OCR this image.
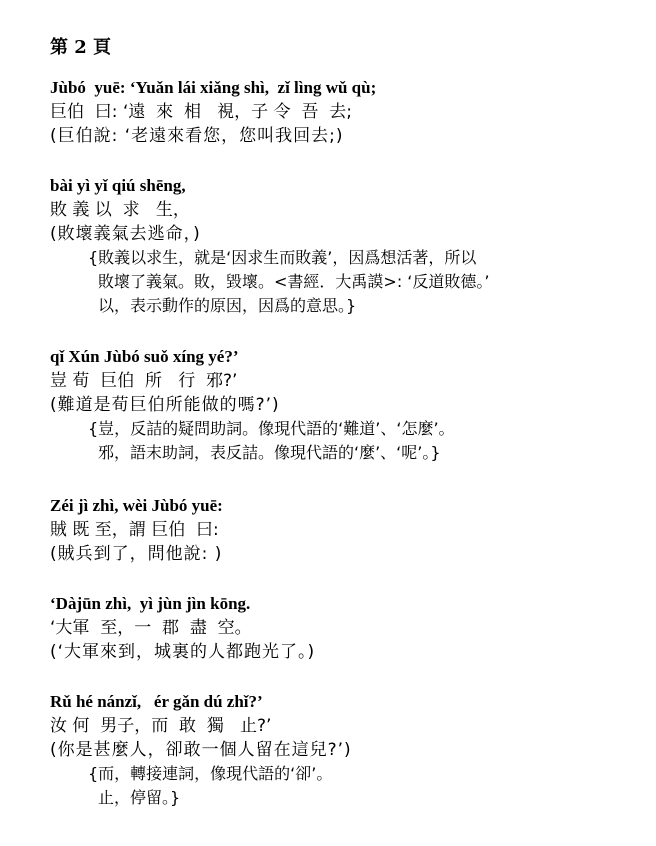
第 2 頁
Jùbó  yuē: ‘Yuǎn lái xiǎng shì,  zǐ lìng wǔ qù;
巨伯  曰: ‘遠  來  相   視，子 令  吾  去;
(巨伯說: ‘老遠來看您，您叫我回去;)
bài yì yǐ qiú shēng,
敗 義 以  求   生，
(敗壞義氣去逃命，)
{敗義以求生，就是‘因求生而敗義’，因爲想活著，所以
敗壞了義氣。敗，毀壞。<書經．大禹謨>: ‘反道敗德。’
以，表示動作的原因，因爲的意思。}
qǐ Xún Jùbó suǒ xíng yé?’
豈 荀  巨伯  所   行  邪?’
(難道是荀巨伯所能做的嗎?’)
{豈，反詰的疑問助詞。像現代語的‘難道’、‘怎麼’。
邪，語末助詞，表反詰。像現代語的‘麼’、‘呢’。}
Zéi jì zhì, wèi Jùbó yuē:
賊 既 至，謂 巨伯  曰:
(賊兵到了，問他說: )
‘Dàjūn zhì,  yì jùn jìn kōng.
‘大軍  至，一  郡  盡  空。
(‘大軍來到，城裏的人都跑光了。)
Rǔ hé nánzǐ,   ér gǎn dú zhǐ?’
汝 何  男子，而  敢  獨   止?’
(你是甚麼人，卻敢一個人留在這兒?’)
{而，轉接連詞，像現代語的‘卻’。
止，停留。}
